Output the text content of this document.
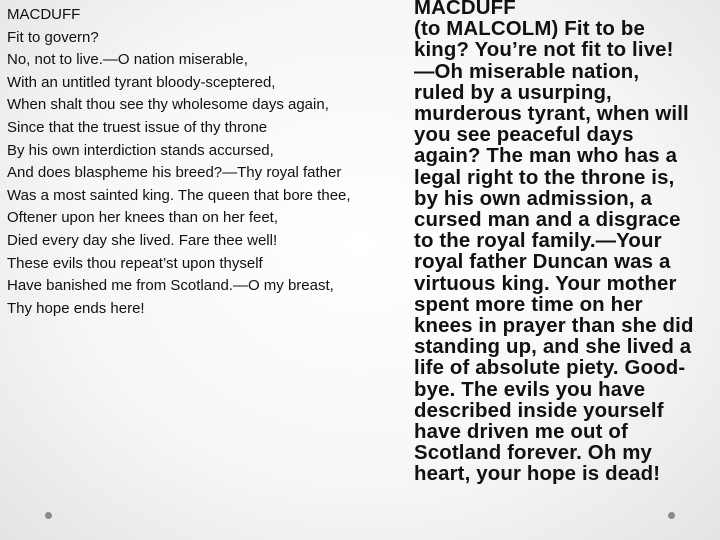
MACDUFF
Fit to govern?
No, not to live.—O nation miserable,
With an untitled tyrant bloody-sceptered,
When shalt thou see thy wholesome days again,
Since that the truest issue of thy throne
By his own interdiction stands accursed,
And does blaspheme his breed?—Thy royal father
Was a most sainted king. The queen that bore thee,
Oftener upon her knees than on her feet,
Died every day she lived. Fare thee well!
These evils thou repeat’st upon thyself
Have banished me from Scotland.—O my breast,
Thy hope ends here!
MACDUFF
(to MALCOLM) Fit to be
king? You’re not fit to live!
—Oh miserable nation,
ruled by a usurping,
murderous tyrant, when will
you see peaceful days
again? The man who has a
legal right to the throne is,
by his own admission, a
cursed man and a disgrace
to the royal family.—Your
royal father Duncan was a
virtuous king. Your mother
spent more time on her
knees in prayer than she did
standing up, and she lived a
life of absolute piety. Good-
bye. The evils you have
described inside yourself
have driven me out of
Scotland forever. Oh my
heart, your hope is dead!
